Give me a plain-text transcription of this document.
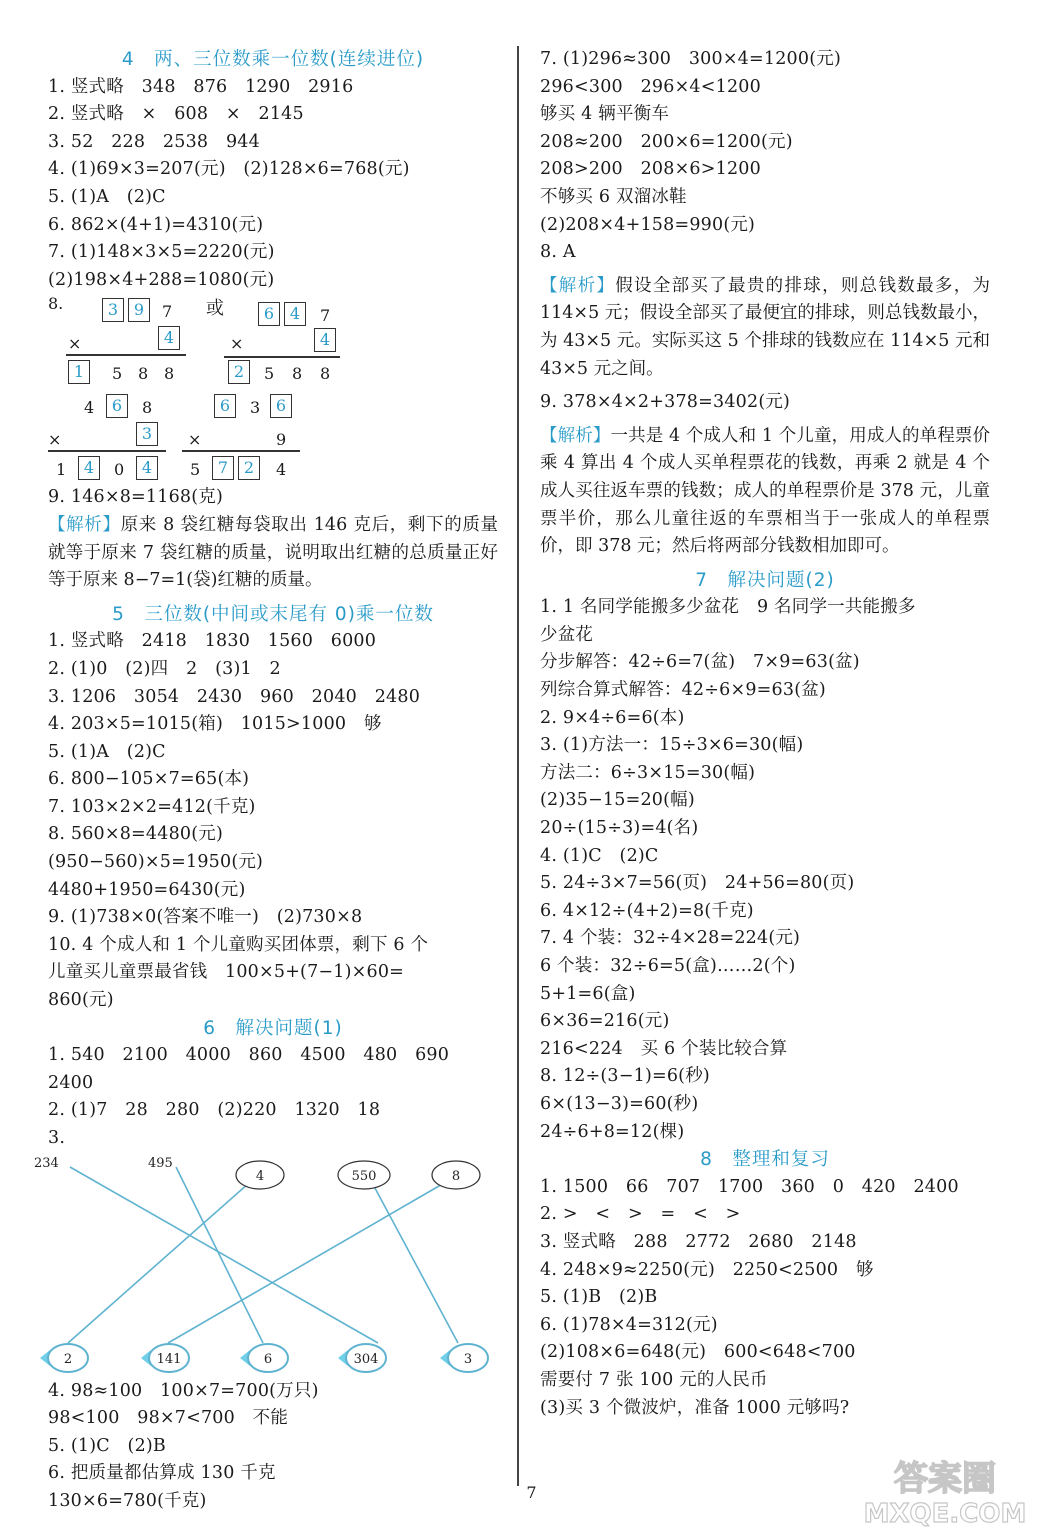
4　两、三位数乘一位数(连续进位)
1. 竖式略　348　876　1290　2916
2. 竖式略　×　608　×　2145
3. 52　228　2538　944
4. (1)69×3=207(元)　(2)128×6=768(元)
5. (1)A　(2)C
6. 862×(4+1)=4310(元)
7. (1)148×3×5=2220(元)
(2)198×4+288=1080(元)
8.	或
3 9	7
×	4
1	5 8 8
6 4	7
×	4
2	5 8 8
4	6	8
×	3
1	4	0	4
6	3 6
×	9
5	7 2	4
9. 146×8=1168(克)
【解析】原来 8 袋红糖每袋取出 146 克后，剩下的质量就等于原来 7 袋红糖的质量，说明取出红糖的总质量正好等于原来 8−7=1(袋)红糖的质量。
5　三位数(中间或末尾有 0)乘一位数
1. 竖式略　2418　1830　1560　6000
2. (1)0　(2)四　2　(3)1　2
3. 1206　3054　2430　960　2040　2480
4. 203×5=1015(箱)　1015>1000　够
5. (1)A　(2)C
6. 800−105×7=65(本)
7. 103×2×2=412(千克)
8. 560×8=4480(元)
(950−560)×5=1950(元)
4480+1950=6430(元)
9. (1)738×0(答案不唯一)　(2)730×8
10. 4 个成人和 1 个儿童购买团体票，剩下 6 个
儿童买儿童票最省钱　100×5+(7−1)×60=
860(元)
6　解决问题(1)
1. 540　2100　4000　860　4500　480　690
2400
2. (1)7　28　280　(2)220　1320　18
3.
234	495
4	550	8
2	141	6	304	3
4. 98≈100　100×7=700(万只)
98<100　98×7<700　不能
5. (1)C　(2)B
6. 把质量都估算成 130 千克
130×6=780(千克)
7. (1)296≈300　300×4=1200(元)
296<300　296×4<1200
够买 4 辆平衡车
208≈200　200×6=1200(元)
208>200　208×6>1200
不够买 6 双溜冰鞋
(2)208×4+158=990(元)
8. A
【解析】假设全部买了最贵的排球，则总钱数最多，为 114×5 元；假设全部买了最便宜的排球，则总钱数最小，为 43×5 元。实际买这 5 个排球的钱数应在 114×5 元和 43×5 元之间。
9. 378×4×2+378=3402(元)
【解析】一共是 4 个成人和 1 个儿童，用成人的单程票价乘 4 算出 4 个成人买单程票花的钱数，再乘 2 就是 4 个成人买往返车票的钱数；成人的单程票价是 378 元，儿童票半价，那么儿童往返的车票相当于一张成人的单程票价，即 378 元；然后将两部分钱数相加即可。
7　解决问题(2)
1. 1 名同学能搬多少盆花　9 名同学一共能搬多
少盆花
分步解答：42÷6=7(盆)　7×9=63(盆)
列综合算式解答：42÷6×9=63(盆)
2. 9×4÷6=6(本)
3. (1)方法一：15÷3×6=30(幅)
方法二：6÷3×15=30(幅)
(2)35−15=20(幅)
20÷(15÷3)=4(名)
4. (1)C　(2)C
5. 24÷3×7=56(页)　24+56=80(页)
6. 4×12÷(4+2)=8(千克)
7. 4 个装：32÷4×28=224(元)
6 个装：32÷6=5(盒)……2(个)
5+1=6(盒)
6×36=216(元)
216<224　买 6 个装比较合算
8. 12÷(3−1)=6(秒)
6×(13−3)=60(秒)
24÷6+8=12(棵)
8　整理和复习
1. 1500　66　707　1700　360　0　420　2400
2. >　<　>　=　<　>
3. 竖式略　288　2772　2680　2148
4. 248×9≈2250(元)　2250<2500　够
5. (1)B　(2)B
6. (1)78×4=312(元)
(2)108×6=648(元)　600<648<700
需要付 7 张 100 元的人民币
(3)买 3 个微波炉，准备 1000 元够吗?
7	答案圈
MXQE.COM
